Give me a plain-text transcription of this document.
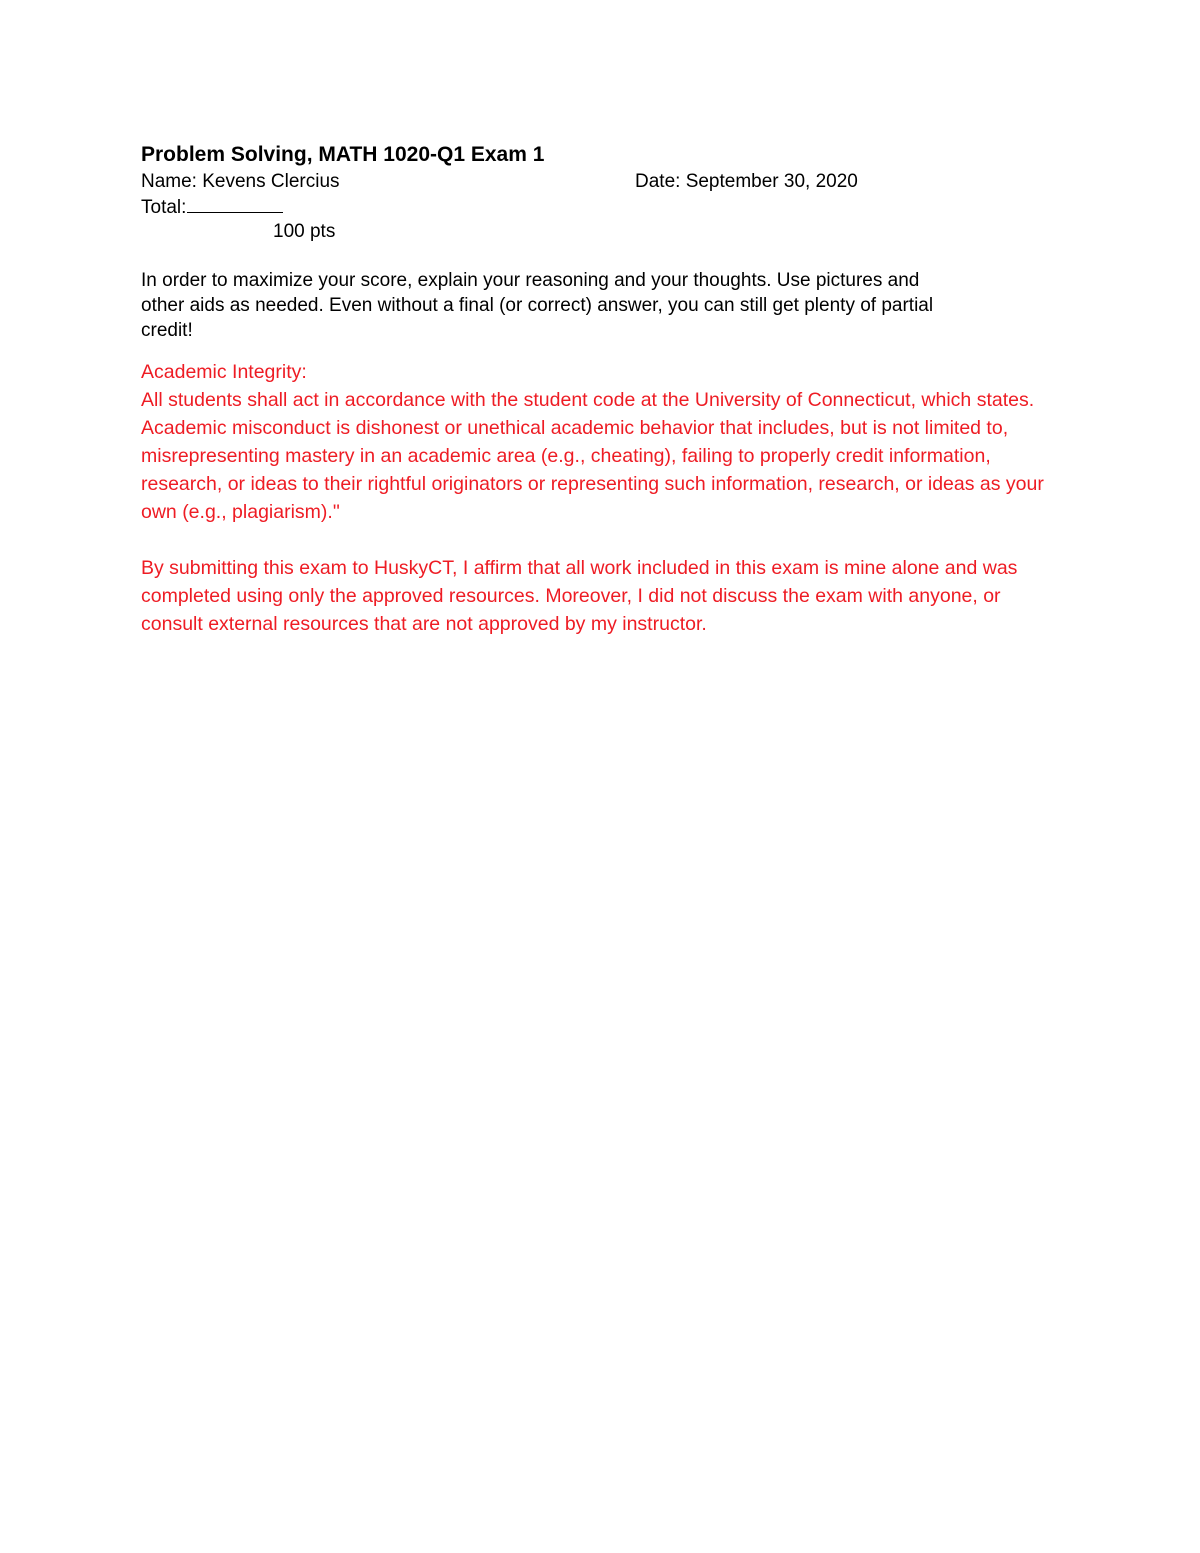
Problem Solving, MATH 1020-Q1 Exam 1
Name: Kevens Clercius	Date: September 30, 2020
Total:
100 pts

In order to maximize your score, explain your reasoning and your thoughts. Use pictures and
other aids as needed. Even without a final (or correct) answer, you can still get plenty of partial
credit!

Academic Integrity:
All students shall act in accordance with the student code at the University of Connecticut, which states.
Academic misconduct is dishonest or unethical academic behavior that includes, but is not limited to,
misrepresenting mastery in an academic area (e.g., cheating), failing to properly credit information,
research, or ideas to their rightful originators or representing such information, research, or ideas as your
own (e.g., plagiarism)."
By submitting this exam to HuskyCT, I affirm that all work included in this exam is mine alone and was
completed using only the approved resources. Moreover, I did not discuss the exam with anyone, or
consult external resources that are not approved by my instructor.
